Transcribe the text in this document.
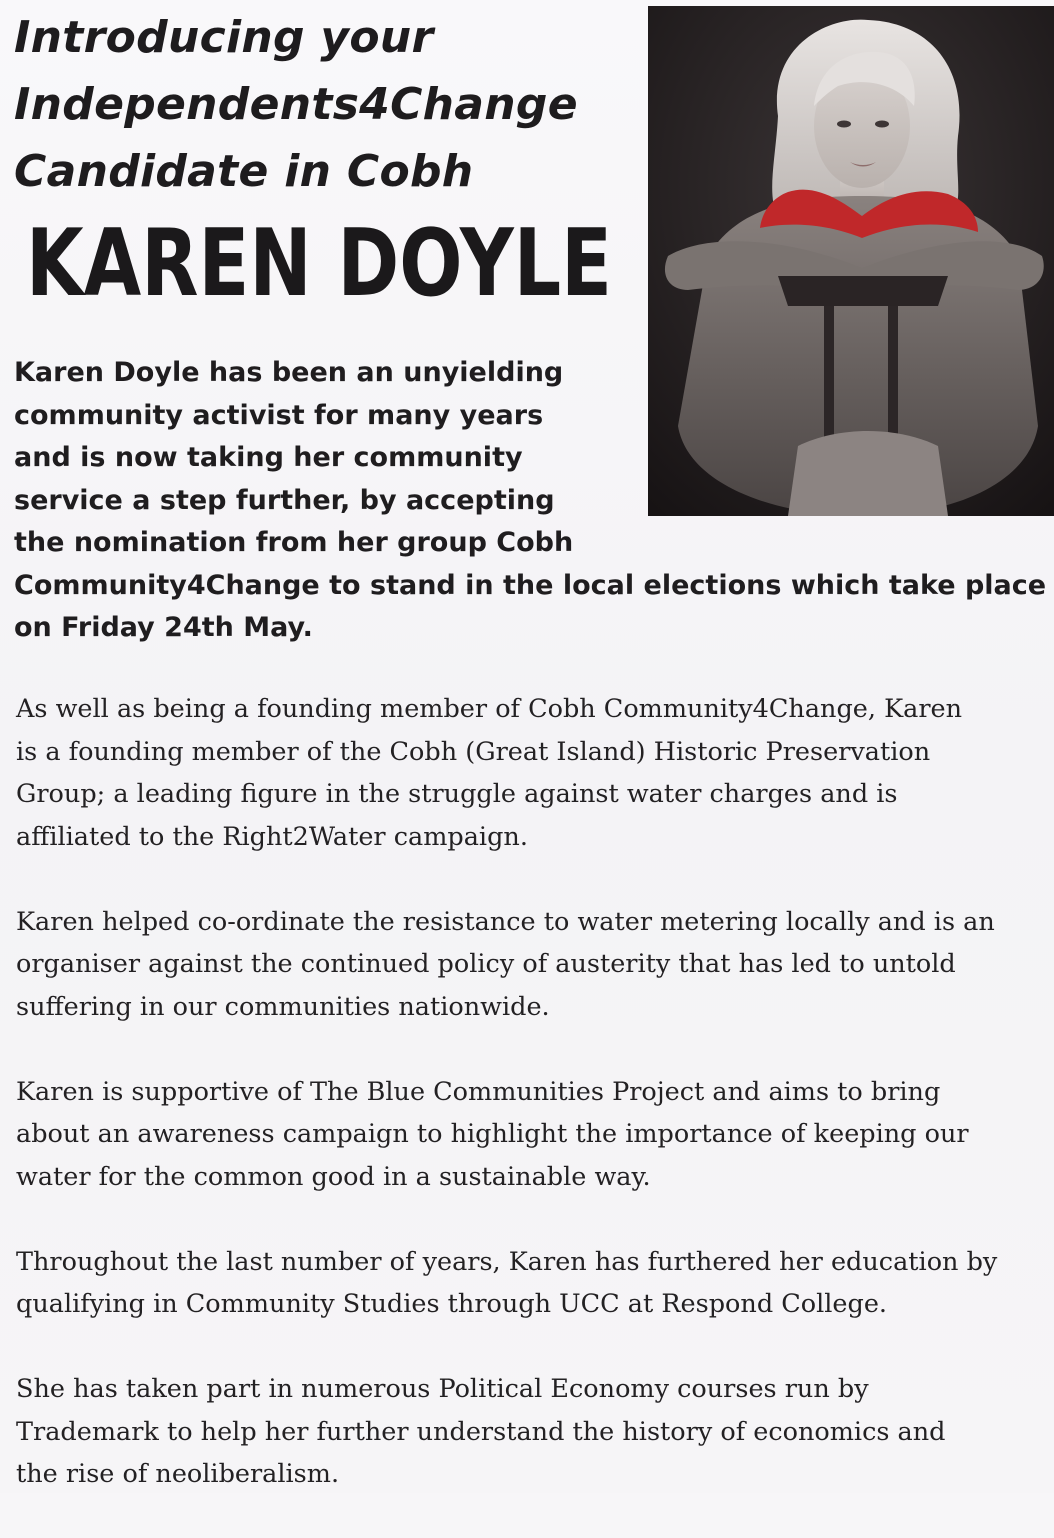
Introducing your
Independents4Change
Candidate in Cobh
KAREN DOYLE
Karen Doyle has been an unyielding
community activist for many years
and is now taking her community
service a step further, by accepting
the nomination from her group Cobh
Community4Change to stand in the local elections which take place
on Friday 24th May.

As well as being a founding member of Cobh Community4Change, Karen
is a founding member of the Cobh (Great Island) Historic Preservation
Group; a leading figure in the struggle against water charges and is
affiliated to the Right2Water campaign.

Karen helped co-ordinate the resistance to water metering locally and is an
organiser against the continued policy of austerity that has led to untold
suffering in our communities nationwide.

Karen is supportive of The Blue Communities Project and aims to bring
about an awareness campaign to highlight the importance of keeping our
water for the common good in a sustainable way.

Throughout the last number of years, Karen has furthered her education by
qualifying in Community Studies through UCC at Respond College.

She has taken part in numerous Political Economy courses run by
Trademark to help her further understand the history of economics and
the rise of neoliberalism.
